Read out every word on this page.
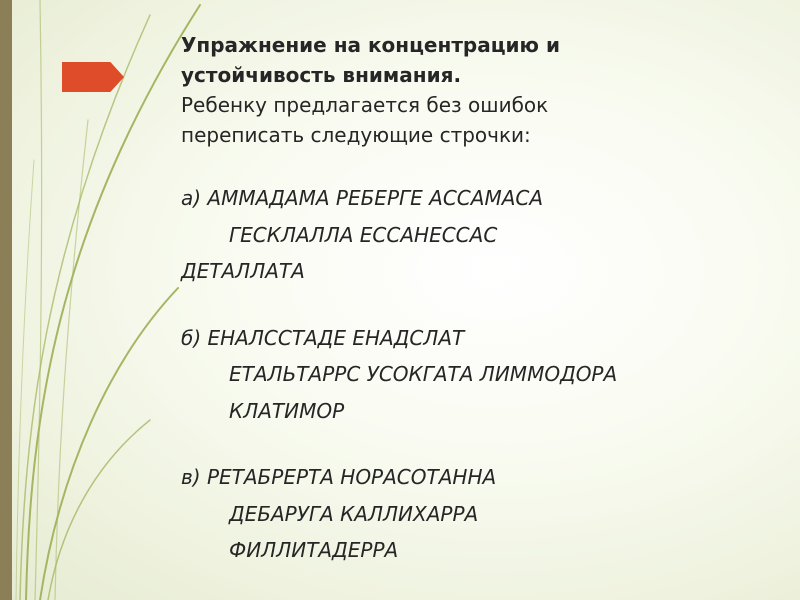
Упражнение на концентрацию и

устойчивость внимания.

Ребенку предлагается без ошибок

переписать следующие строчки:

а) АММАДАМА РЕБЕРГЕ АССАМАСА

ГЕСКЛАЛЛА ЕССАНЕССАС

ДЕТАЛЛАТА

б) ЕНАЛССТАДЕ ЕНАДСЛАТ

ЕТАЛЬТАРРС УСОКГАТА ЛИММОДОРА

КЛАТИМОР

в) РЕТАБРЕРТА НОРАСОТАННА

ДЕБАРУГА КАЛЛИХАРРА

ФИЛЛИТАДЕРРА
